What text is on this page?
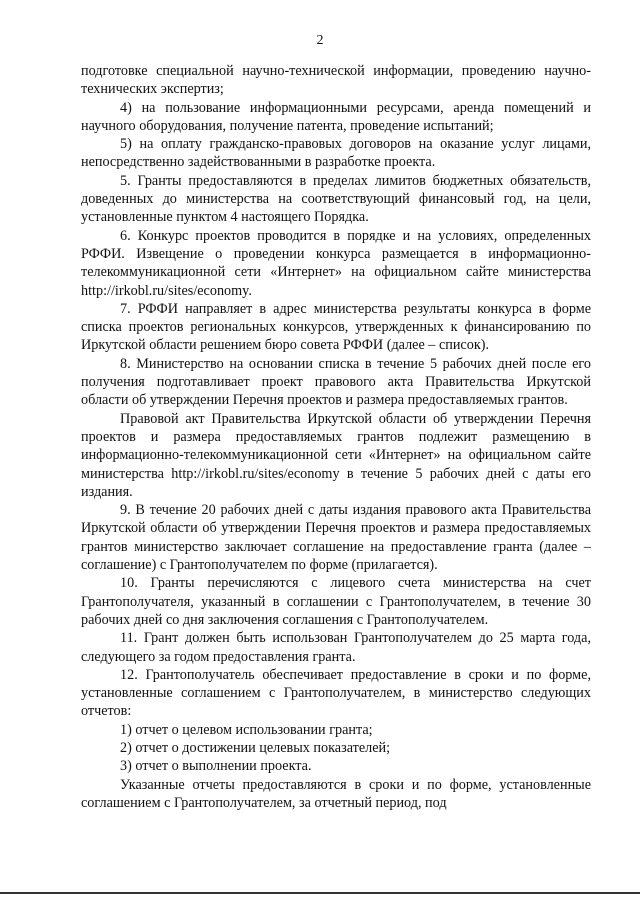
2

подготовке специальной научно-технической информации, проведению научно-технических экспертиз;

4) на пользование информационными ресурсами, аренда помещений и научного оборудования, получение патента, проведение испытаний;

5) на оплату гражданско-правовых договоров на оказание услуг лицами, непосредственно задействованными в разработке проекта.

5. Гранты предоставляются в пределах лимитов бюджетных обязательств, доведенных до министерства на соответствующий финансовый год, на цели, установленные пунктом 4 настоящего Порядка.

6. Конкурс проектов проводится в порядке и на условиях, определенных РФФИ. Извещение о проведении конкурса размещается в информационно-телекоммуникационной сети «Интернет» на официальном сайте министерства http://irkobl.ru/sites/economy.

7. РФФИ направляет в адрес министерства результаты конкурса в форме списка проектов региональных конкурсов, утвержденных к финансированию по Иркутской области решением бюро совета РФФИ (далее – список).

8. Министерство на основании списка в течение 5 рабочих дней после его получения подготавливает проект правового акта Правительства Иркутской области об утверждении Перечня проектов и размера предоставляемых грантов.

Правовой акт Правительства Иркутской области об утверждении Перечня проектов и размера предоставляемых грантов подлежит размещению в информационно-телекоммуникационной сети «Интернет» на официальном сайте министерства http://irkobl.ru/sites/economy в течение 5 рабочих дней с даты его издания.

9. В течение 20 рабочих дней с даты издания правового акта Правительства Иркутской области об утверждении Перечня проектов и размера предоставляемых грантов министерство заключает соглашение на предоставление гранта (далее – соглашение) с Грантополучателем по форме (прилагается).

10. Гранты перечисляются с лицевого счета министерства на счет Грантополучателя, указанный в соглашении с Грантополучателем, в течение 30 рабочих дней со дня заключения соглашения с Грантополучателем.

11. Грант должен быть использован Грантополучателем до 25 марта года, следующего за годом предоставления гранта.

12. Грантополучатель обеспечивает предоставление в сроки и по форме, установленные соглашением с Грантополучателем, в министерство следующих отчетов:

1) отчет о целевом использовании гранта;

2) отчет о достижении целевых показателей;

3) отчет о выполнении проекта.

Указанные отчеты предоставляются в сроки и по форме, установленные соглашением с Грантополучателем, за отчетный период, под
